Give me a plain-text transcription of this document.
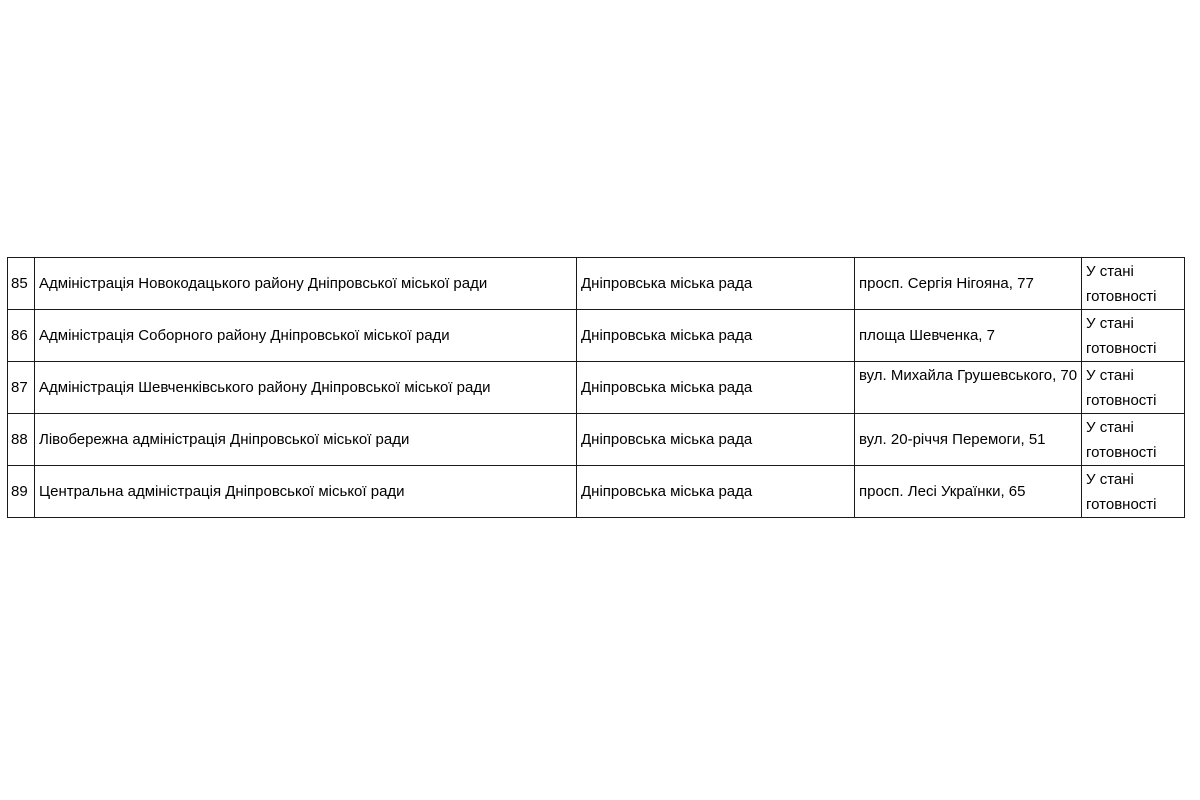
85	Адміністрація Новокодацького району Дніпровської міської ради	Дніпровська міська рада	просп. Сергія Нігояна, 77	У стані готовності
86	Адміністрація Соборного району Дніпровської міської ради	Дніпровська міська рада	площа Шевченка, 7	У стані готовності
87	Адміністрація Шевченківського району Дніпровської міської ради	Дніпровська міська рада	вул. Михайла Грушевського, 70	У стані готовності
88	Лівобережна адміністрація Дніпровської міської ради	Дніпровська міська рада	вул. 20-річчя Перемоги, 51	У стані готовності
89	Центральна адміністрація Дніпровської міської ради	Дніпровська міська рада	просп. Лесі Українки, 65	У стані готовності
